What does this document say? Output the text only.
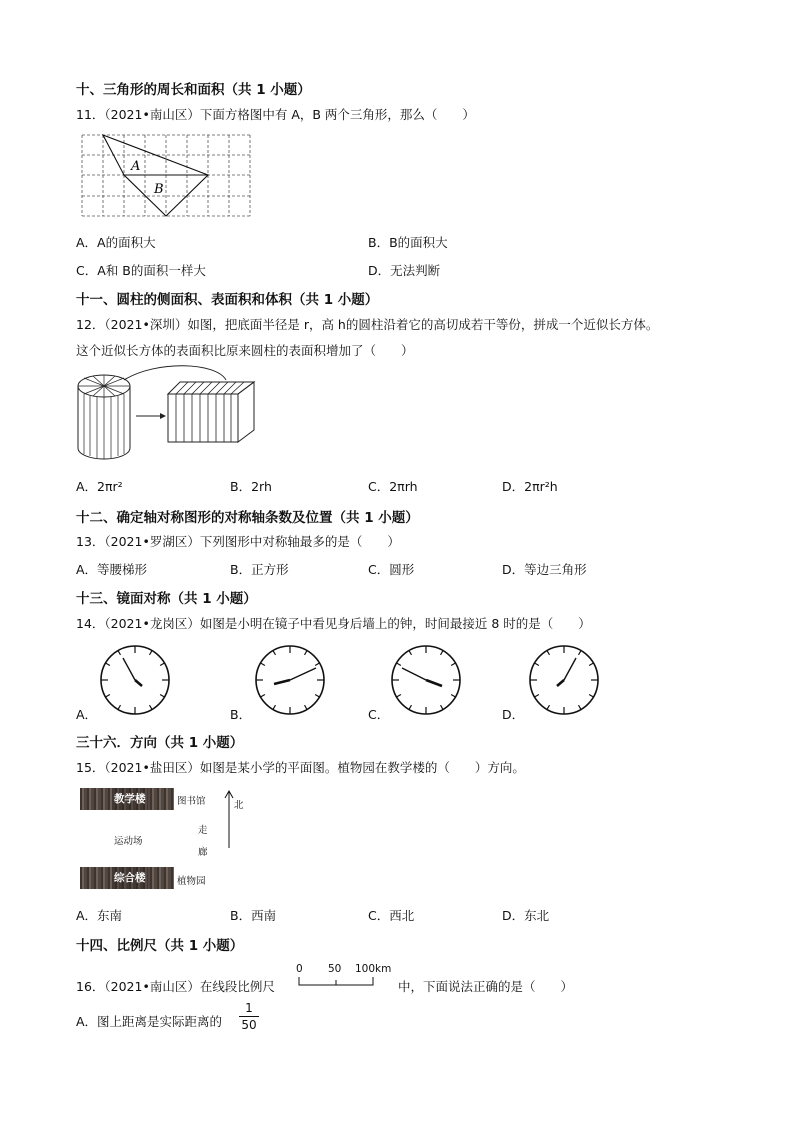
十、三角形的周长和面积（共 1 小题）
11．（2021•南山区）下面方格图中有 A，B 两个三角形，那么（　　）
A
B
A．A的面积大	B．B的面积大
C．A和 B的面积一样大	D．无法判断
十一、圆柱的侧面积、表面积和体积（共 1 小题）
12．（2021•深圳）如图，把底面半径是 r，高 h的圆柱沿着它的高切成若干等份，拼成一个近似长方体。
这个近似长方体的表面积比原来圆柱的表面积增加了（　　）
A．2πr²	B．2rh	C．2πrh	D．2πr²h
十二、确定轴对称图形的对称轴条数及位置（共 1 小题）
13．（2021•罗湖区）下列图形中对称轴最多的是（　　）
A．等腰梯形	B．正方形	C．圆形	D．等边三角形
十三、镜面对称（共 1 小题）
14．（2021•龙岗区）如图是小明在镜子中看见身后墙上的钟，时间最接近 8 时的是（　　）
A．	B．	C．	D．
三十六．方向（共 1 小题）
15．（2021•盐田区）如图是某小学的平面图。植物园在教学楼的（　　）方向。
教学楼	图书馆
运动场
走
廊
综合楼	植物园
北
A．东南	B．西南	C．西北	D．东北
十四、比例尺（共 1 小题）
16．（2021•南山区）在线段比例尺
0 50 100km
中，下面说法正确的是（　　）
A．图上距离是实际距离的
1
50
